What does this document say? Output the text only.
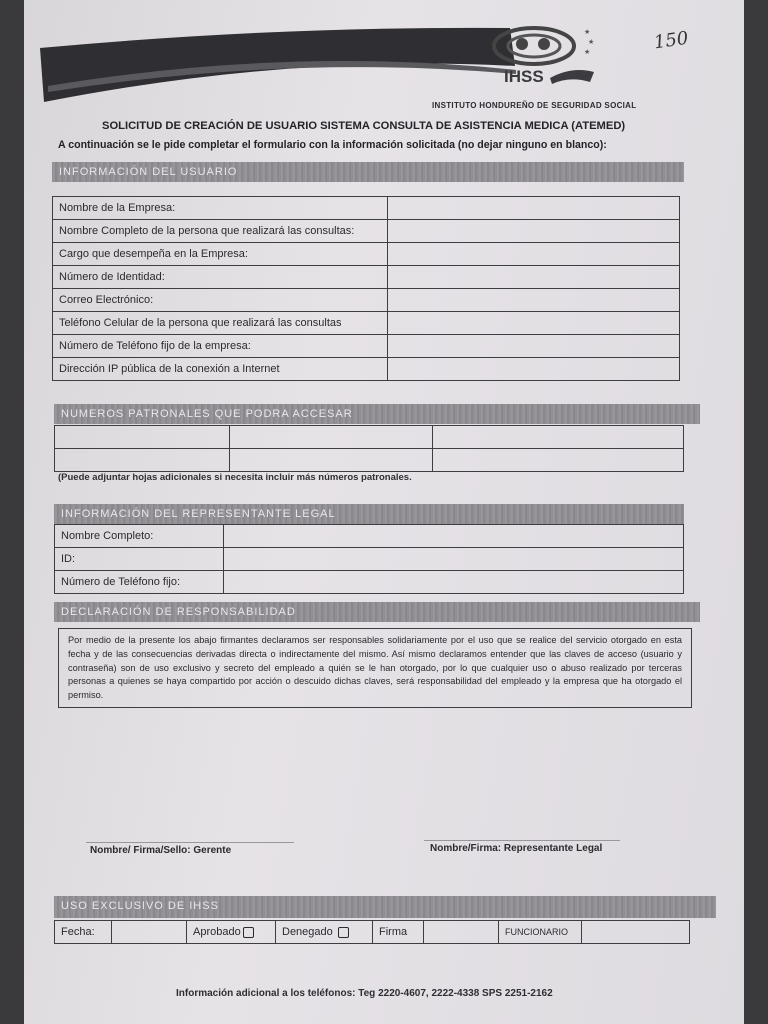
★
★
★
IHSS
150
INSTITUTO HONDUREÑO DE SEGURIDAD SOCIAL
SOLICITUD DE CREACIÓN DE USUARIO SISTEMA CONSULTA DE ASISTENCIA MEDICA (ATEMED)
A continuación se le pide completar el formulario con la información solicitada (no dejar ninguno en blanco):
INFORMACIÓN DEL USUARIO
Nombre de la Empresa:	
Nombre Completo de la persona que realizará las consultas:	
Cargo que desempeña en la Empresa:	
Número de Identidad:	
Correo Electrónico:	
Teléfono Celular de la persona que realizará las consultas	
Número de Teléfono fijo de la empresa:	
Dirección IP pública de la conexión a Internet	
NUMEROS PATRONALES QUE PODRA ACCESAR

(Puede adjuntar hojas adicionales si necesita incluir más números patronales.
INFORMACIÓN DEL REPRESENTANTE LEGAL
Nombre Completo:	
ID:	
Número de Teléfono fijo:	
DECLARACIÓN DE RESPONSABILIDAD
Por medio de la presente los abajo firmantes declaramos ser responsables solidariamente por el uso que se realice del servicio otorgado en esta fecha y de las consecuencias derivadas directa o indirectamente del mismo. Así mismo declaramos entender que las claves de acceso (usuario y contraseña) son de uso exclusivo y secreto del empleado a quién se le han otorgado, por lo que cualquier uso o abuso realizado por terceras personas a quienes se haya compartido por acción o descuido dichas claves, será responsabilidad del empleado y la empresa que ha otorgado el permiso.
Nombre/ Firma/Sello: Gerente	Nombre/Firma: Representante Legal
USO EXCLUSIVO DE IHSS
Fecha:		Aprobado	Denegado	Firma		FUNCIONARIO	
Información adicional a los teléfonos: Teg 2220-4607, 2222-4338 SPS 2251-2162
